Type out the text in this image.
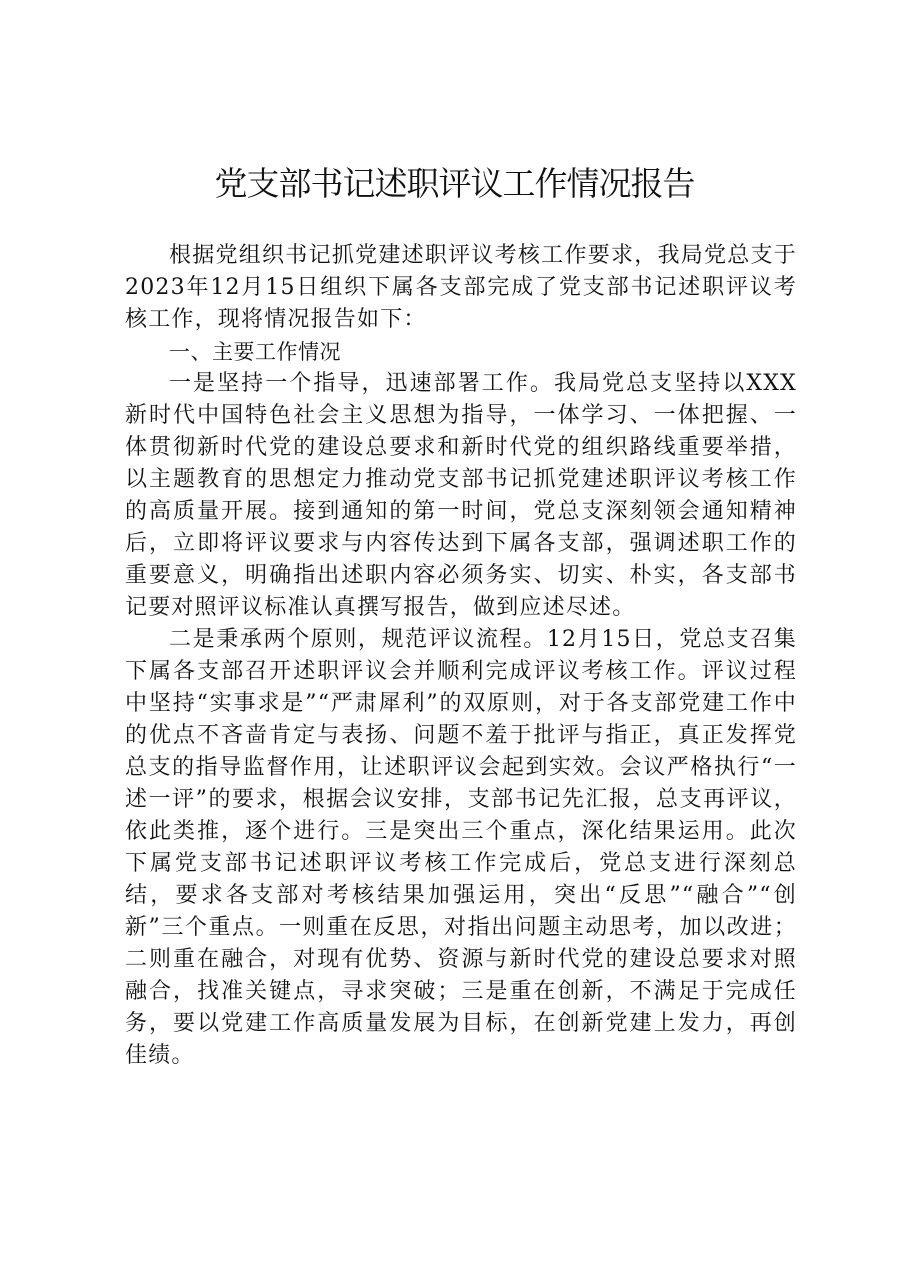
党支部书记述职评议工作情况报告

根据党组织书记抓党建述职评议考核工作要求，我局党总支于2023年12月15日组织下属各支部完成了党支部书记述职评议考核工作，现将情况报告如下：

一、主要工作情况

一是坚持一个指导，迅速部署工作。我局党总支坚持以XXX新时代中国特色社会主义思想为指导，一体学习、一体把握、一体贯彻新时代党的建设总要求和新时代党的组织路线重要举措，以主题教育的思想定力推动党支部书记抓党建述职评议考核工作的高质量开展。接到通知的第一时间，党总支深刻领会通知精神后，立即将评议要求与内容传达到下属各支部，强调述职工作的重要意义，明确指出述职内容必须务实、切实、朴实，各支部书记要对照评议标准认真撰写报告，做到应述尽述。

二是秉承两个原则，规范评议流程。12月15日，党总支召集下属各支部召开述职评议会并顺利完成评议考核工作。评议过程中坚持“实事求是”“严肃犀利”的双原则，对于各支部党建工作中的优点不吝啬肯定与表扬、问题不羞于批评与指正，真正发挥党总支的指导监督作用，让述职评议会起到实效。会议严格执行“一述一评”的要求，根据会议安排，支部书记先汇报，总支再评议，依此类推，逐个进行。三是突出三个重点，深化结果运用。此次下属党支部书记述职评议考核工作完成后，党总支进行深刻总结，要求各支部对考核结果加强运用，突出“反思”“融合”“创新”三个重点。一则重在反思，对指出问题主动思考，加以改进；二则重在融合，对现有优势、资源与新时代党的建设总要求对照融合，找准关键点，寻求突破；三是重在创新，不满足于完成任务，要以党建工作高质量发展为目标，在创新党建上发力，再创佳绩。
